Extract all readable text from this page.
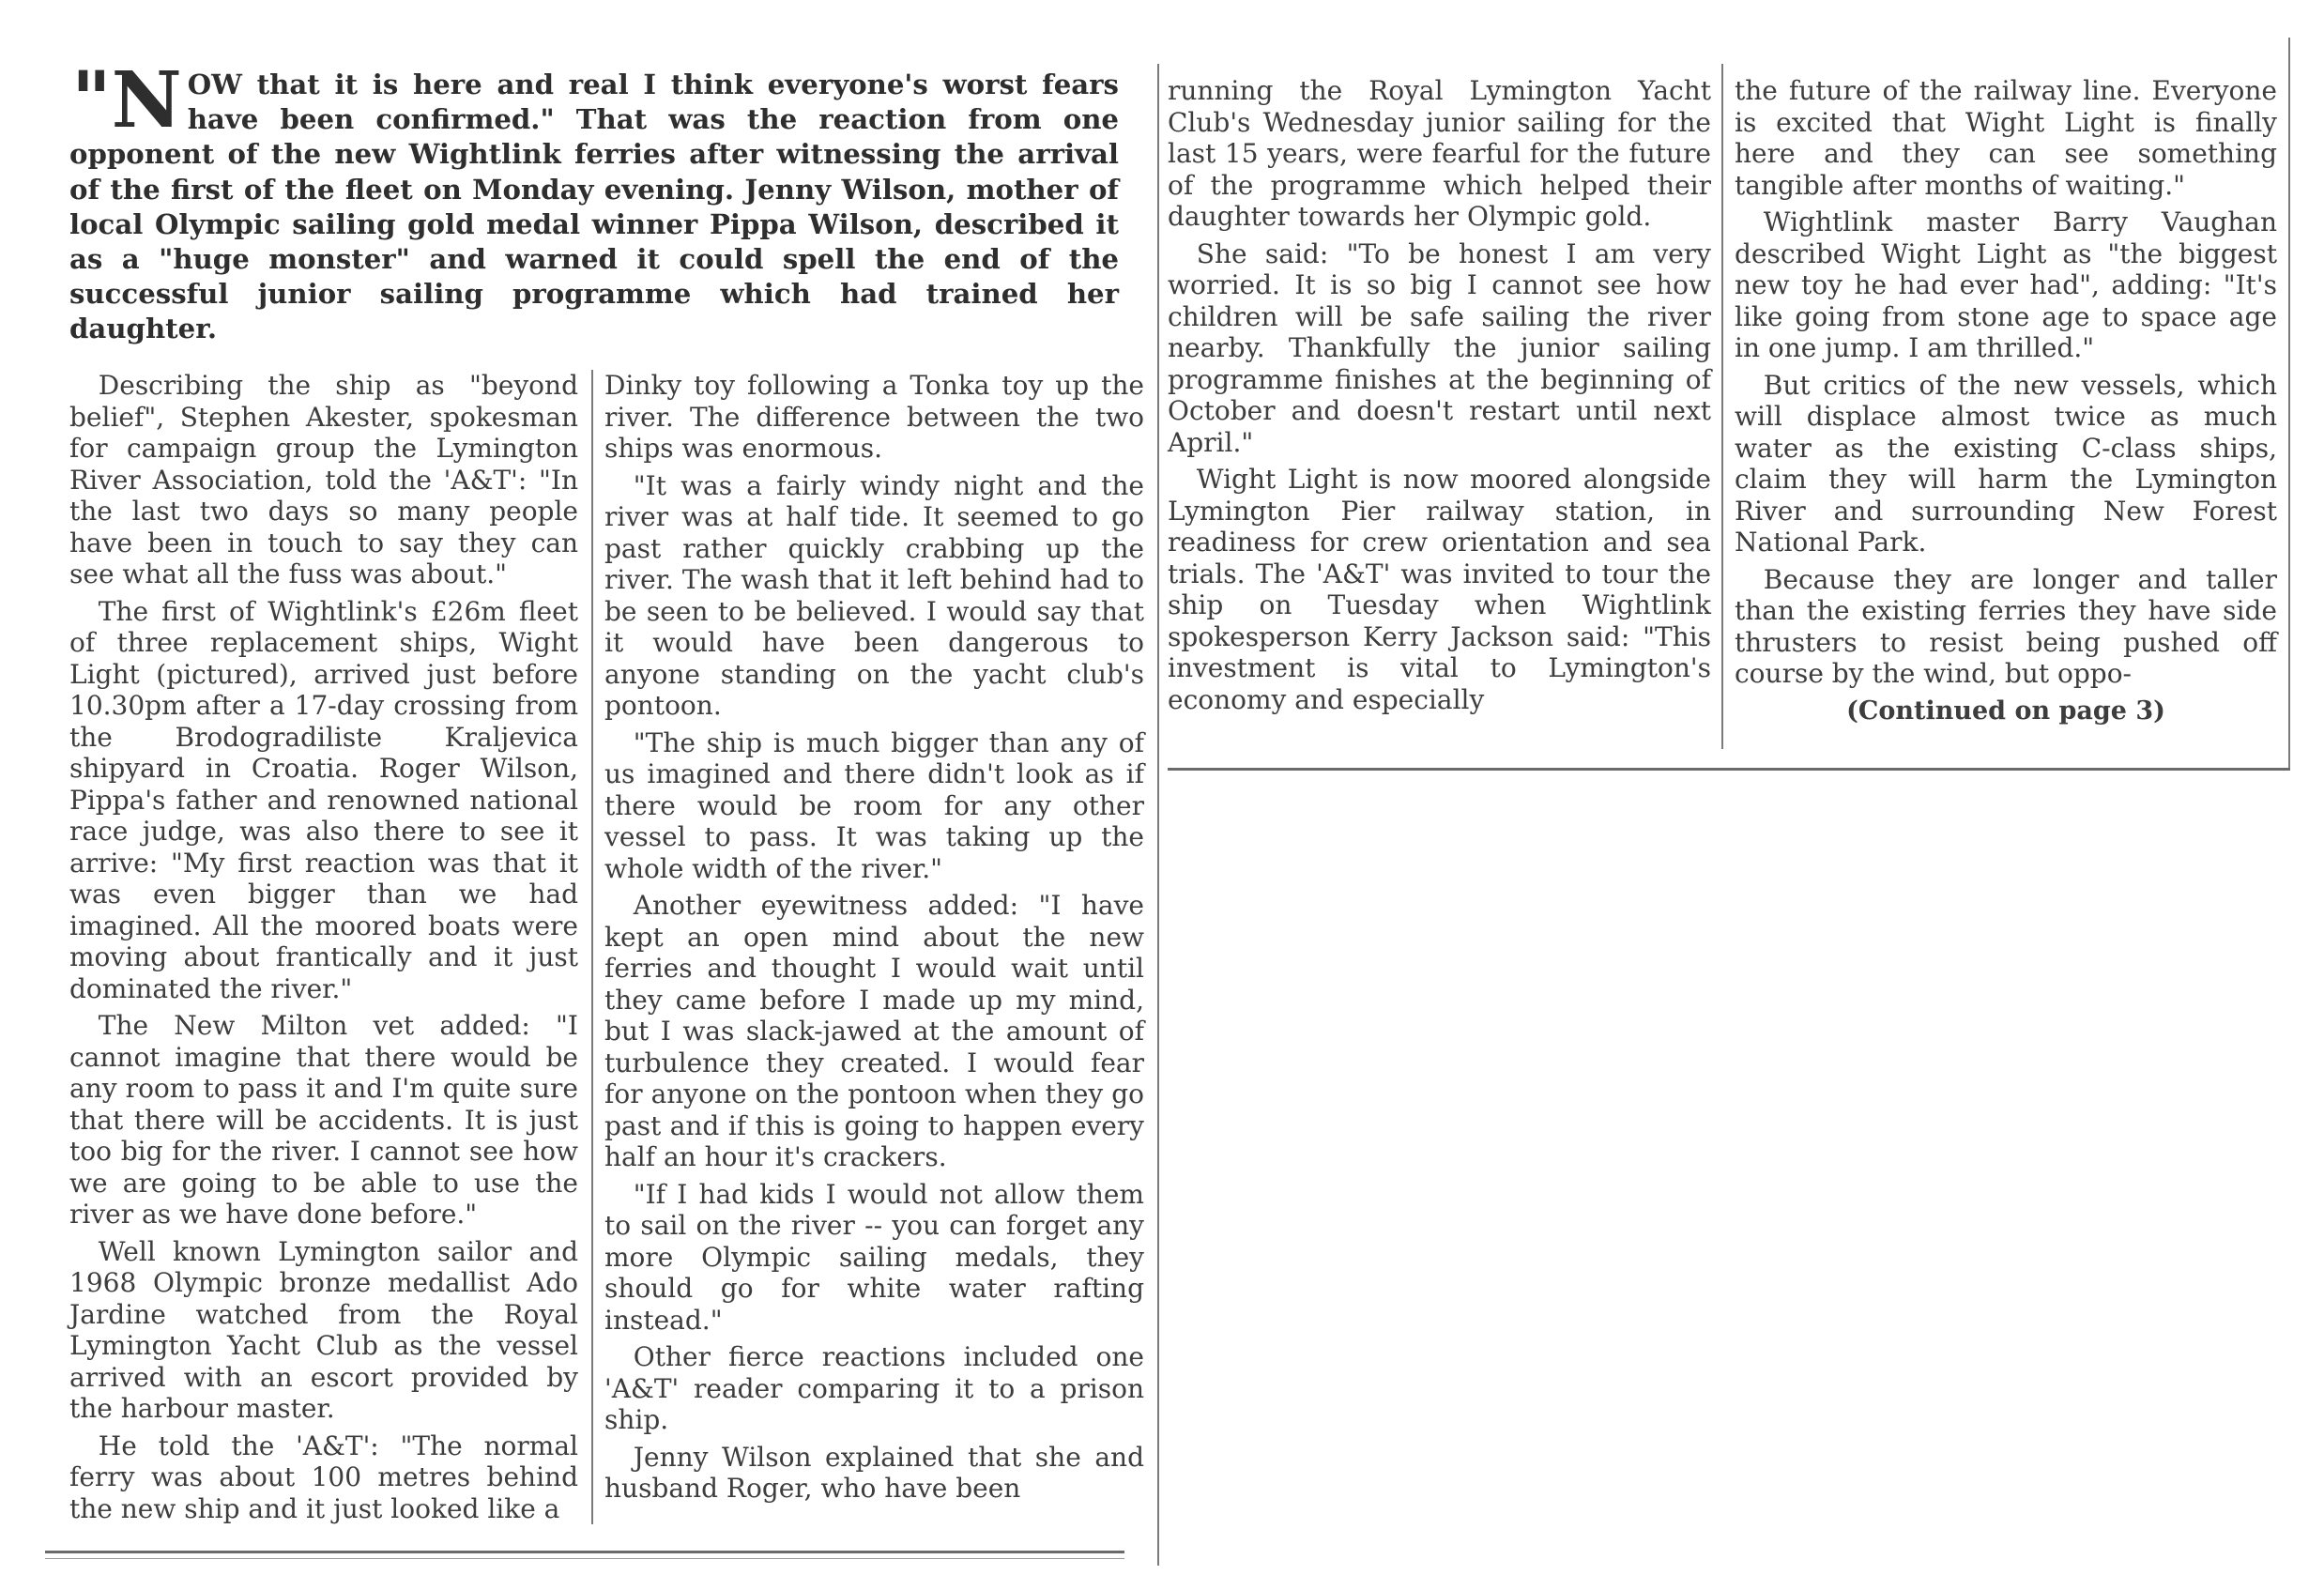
"N OW that it is here and real I think everyone's worst fears have been confirmed." That was the reaction from one opponent of the new Wightlink ferries after witnessing the arrival of the first of the fleet on Monday evening. Jenny Wilson, mother of local Olympic sailing gold medal winner Pippa Wilson, described it as a "huge monster" and warned it could spell the end of the successful junior sailing programme which had trained her daughter.

Describing the ship as "beyond belief", Stephen Akester, spokesman for campaign group the Lymington River Association, told the 'A&T': "In the last two days so many people have been in touch to say they can see what all the fuss was about."

The first of Wightlink's £26m fleet of three replacement ships, Wight Light (pictured), arrived just before 10.30pm after a 17-day crossing from the Brodogradiliste Kraljevica shipyard in Croatia. Roger Wilson, Pippa's father and renowned national race judge, was also there to see it arrive: "My first reaction was that it was even bigger than we had imagined. All the moored boats were moving about frantically and it just dominated the river."

The New Milton vet added: "I cannot imagine that there would be any room to pass it and I'm quite sure that there will be accidents. It is just too big for the river. I cannot see how we are going to be able to use the river as we have done before."

Well known Lymington sailor and 1968 Olympic bronze medallist Ado Jardine watched from the Royal Lymington Yacht Club as the vessel arrived with an escort provided by the harbour master.

He told the 'A&T': "The normal ferry was about 100 metres behind the new ship and it just looked like a

Dinky toy following a Tonka toy up the river. The difference between the two ships was enormous.

"It was a fairly windy night and the river was at half tide. It seemed to go past rather quickly crabbing up the river. The wash that it left behind had to be seen to be believed. I would say that it would have been dangerous to anyone standing on the yacht club's pontoon.

"The ship is much bigger than any of us imagined and there didn't look as if there would be room for any other vessel to pass. It was taking up the whole width of the river."

Another eyewitness added: "I have kept an open mind about the new ferries and thought I would wait until they came before I made up my mind, but I was slack-jawed at the amount of turbulence they created. I would fear for anyone on the pontoon when they go past and if this is going to happen every half an hour it's crackers.

"If I had kids I would not allow them to sail on the river -- you can forget any more Olympic sailing medals, they should go for white water rafting instead."

Other fierce reactions included one 'A&T' reader comparing it to a prison ship.

Jenny Wilson explained that she and husband Roger, who have been

running the Royal Lymington Yacht Club's Wednesday junior sailing for the last 15 years, were fearful for the future of the programme which helped their daughter towards her Olympic gold.

She said: "To be honest I am very worried. It is so big I cannot see how children will be safe sailing the river nearby. Thankfully the junior sailing programme finishes at the beginning of October and doesn't restart until next April."

Wight Light is now moored alongside Lymington Pier railway station, in readiness for crew orientation and sea trials. The 'A&T' was invited to tour the ship on Tuesday when Wightlink spokesperson Kerry Jackson said: "This investment is vital to Lymington's economy and especially

the future of the railway line. Everyone is excited that Wight Light is finally here and they can see something tangible after months of waiting."

Wightlink master Barry Vaughan described Wight Light as "the biggest new toy he had ever had", adding: "It's like going from stone age to space age in one jump. I am thrilled."

But critics of the new vessels, which will displace almost twice as much water as the existing C-class ships, claim they will harm the Lymington River and surrounding New Forest National Park.

Because they are longer and taller than the existing ferries they have side thrusters to resist being pushed off course by the wind, but oppo-

(Continued on page 3)
